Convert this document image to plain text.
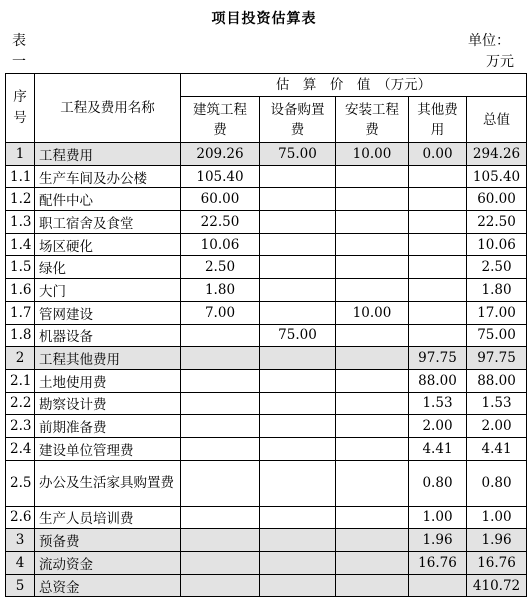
项目投资估算表
表
一
单位：
万元
序号	工程及费用名称	估　算　价　值　（万元）				
		建筑工程费	设备购置费	安装工程费	其他费用	总值
1	工程费用	209.26	75.00	10.00	0.00	294.26
1.1	生产车间及办公楼	105.40				105.40
1.2	配件中心	60.00				60.00
1.3	职工宿舍及食堂	22.50				22.50
1.4	场区硬化	10.06				10.06
1.5	绿化	2.50				2.50
1.6	大门	1.80				1.80
1.7	管网建设	7.00		10.00		17.00
1.8	机器设备		75.00			75.00
2	工程其他费用				97.75	97.75
2.1	土地使用费				88.00	88.00
2.2	勘察设计费				1.53	1.53
2.3	前期准备费				2.00	2.00
2.4	建设单位管理费				4.41	4.41
2.5	办公及生活家具购置费				0.80	0.80
2.6	生产人员培训费				1.00	1.00
3	预备费				1.96	1.96
4	流动资金				16.76	16.76
5	总资金					410.72
